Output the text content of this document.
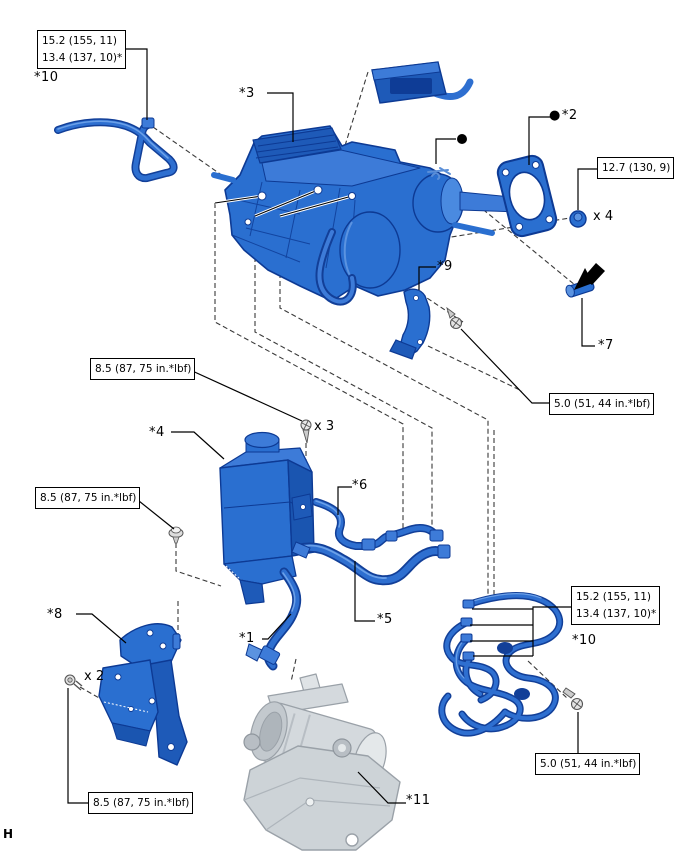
15.2 (155, 11)
13.4 (137, 10)*
*10
*3
●*2
12.7 (130, 9)
x 4
*9
*7
5.0 (51, 44 in.*lbf)
8.5 (87, 75 in.*lbf)
x 3
*4
8.5 (87, 75 in.*lbf)
*6
*5
*1
*8
x 2
8.5 (87, 75 in.*lbf)
15.2 (155, 11)
13.4 (137, 10)*
*10
5.0 (51, 44 in.*lbf)
*11
H
